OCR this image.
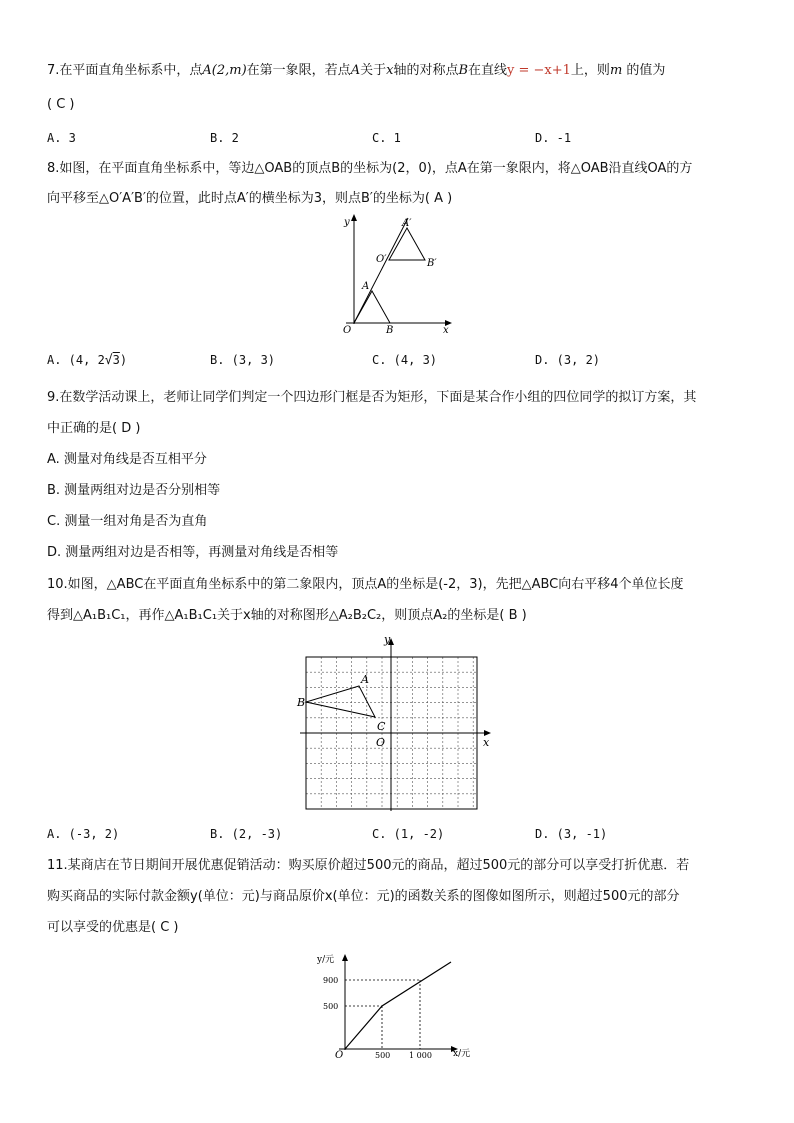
7.在平面直角坐标系中，点A(2,m)在第一象限，若点A关于x轴的对称点B在直线y = −x+1上，则m 的值为
( C )
A. 3	B. 2	C. 1	D. -1
8.如图，在平面直角坐标系中，等边△OAB的顶点B的坐标为(2，0)，点A在第一象限内，将△OAB沿直线OA的方
向平移至△O′A′B′的位置，此时点A′的横坐标为3，则点B′的坐标为( A )
y
x
O
A
B
O′
A′
B′
A. (4, 2√3)	B. (3, 3)	C. (4, 3)	D. (3, 2)
9.在数学活动课上，老师让同学们判定一个四边形门框是否为矩形，下面是某合作小组的四位同学的拟订方案，其
中正确的是( D )
A. 测量对角线是否互相平分
B. 测量两组对边是否分别相等
C. 测量一组对角是否为直角
D. 测量两组对边是否相等，再测量对角线是否相等
10.如图，△ABC在平面直角坐标系中的第二象限内，顶点A的坐标是(-2，3)，先把△ABC向右平移4个单位长度
得到△A₁B₁C₁，再作△A₁B₁C₁关于x轴的对称图形△A₂B₂C₂，则顶点A₂的坐标是( B )
y
x
O
A
B
C
A. (-3, 2)	B. (2, -3)	C. (1, -2)	D. (3, -1)
11.某商店在节日期间开展优惠促销活动：购买原价超过500元的商品，超过500元的部分可以享受打折优惠．若
购买商品的实际付款金额y(单位：元)与商品原价x(单位：元)的函数关系的图像如图所示，则超过500元的部分
可以享受的优惠是( C )
y/元
x/元
O
900
500
500 1 000
